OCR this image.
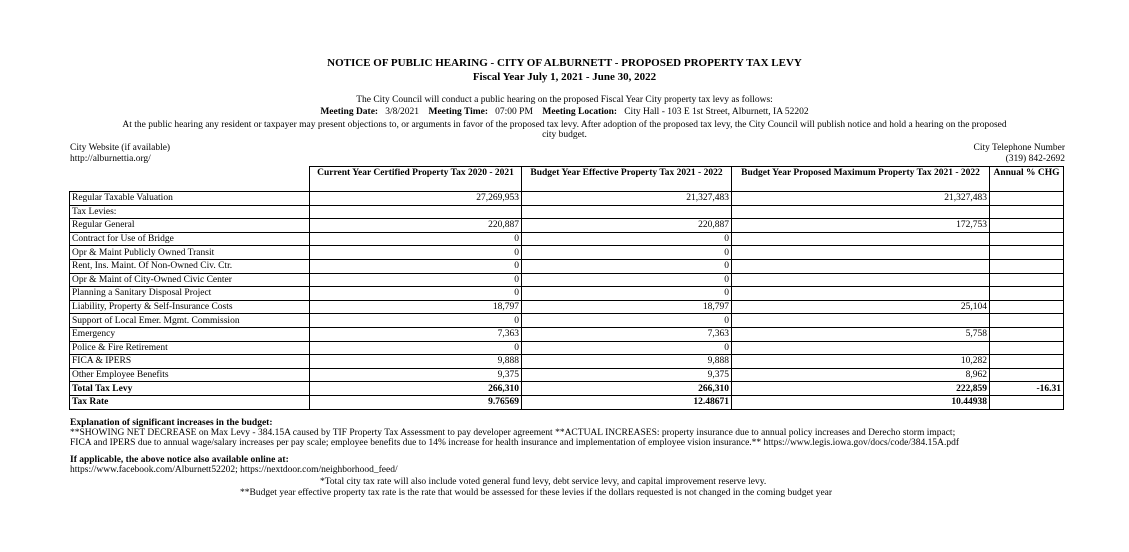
NOTICE OF PUBLIC HEARING - CITY OF ALBURNETT - PROPOSED PROPERTY TAX LEVY
Fiscal Year July 1, 2021 - June 30, 2022
The City Council will conduct a public hearing on the proposed Fiscal Year City property tax levy as follows:
Meeting Date: 3/8/2021 Meeting Time: 07:00 PM Meeting Location: City Hall - 103 E 1st Street, Alburnett, IA 52202
At the public hearing any resident or taxpayer may present objections to, or arguments in favor of the proposed tax levy. After adoption of the proposed tax levy, the City Council will publish notice and hold a hearing on the proposed
city budget.
City Website (if available)
http://alburnettia.org/
City Telephone Number
(319) 842-2692
	Current Year Certified Property Tax 2020 - 2021	Budget Year Effective Property Tax 2021 - 2022	Budget Year Proposed Maximum Property Tax 2021 - 2022	Annual % CHG
Regular Taxable Valuation	27,269,953	21,327,483	21,327,483	
Tax Levies:				
Regular General	220,887	220,887	172,753	
Contract for Use of Bridge	0	0		
Opr & Maint Publicly Owned Transit	0	0		
Rent, Ins. Maint. Of Non-Owned Civ. Ctr.	0	0		
Opr & Maint of City-Owned Civic Center	0	0		
Planning a Sanitary Disposal Project	0	0		
Liability, Property & Self-Insurance Costs	18,797	18,797	25,104	
Support of Local Emer. Mgmt. Commission	0	0		
Emergency	7,363	7,363	5,758	
Police & Fire Retirement	0	0		
FICA & IPERS	9,888	9,888	10,282	
Other Employee Benefits	9,375	9,375	8,962	
Total Tax Levy	266,310	266,310	222,859	-16.31
Tax Rate	9.76569	12.48671	10.44938	
Explanation of significant increases in the budget:
**SHOWING NET DECREASE on Max Levy - 384.15A caused by TIF Property Tax Assessment to pay developer agreement **ACTUAL INCREASES: property insurance due to annual policy increases and Derecho storm impact;
FICA and IPERS due to annual wage/salary increases per pay scale; employee benefits due to 14% increase for health insurance and implementation of employee vision insurance.** https://www.legis.iowa.gov/docs/code/384.15A.pdf
If applicable, the above notice also available online at:
https://www.facebook.com/Alburnett52202; https://nextdoor.com/neighborhood_feed/
*Total city tax rate will also include voted general fund levy, debt service levy, and capital improvement reserve levy.
**Budget year effective property tax rate is the rate that would be assessed for these levies if the dollars requested is not changed in the coming budget year
